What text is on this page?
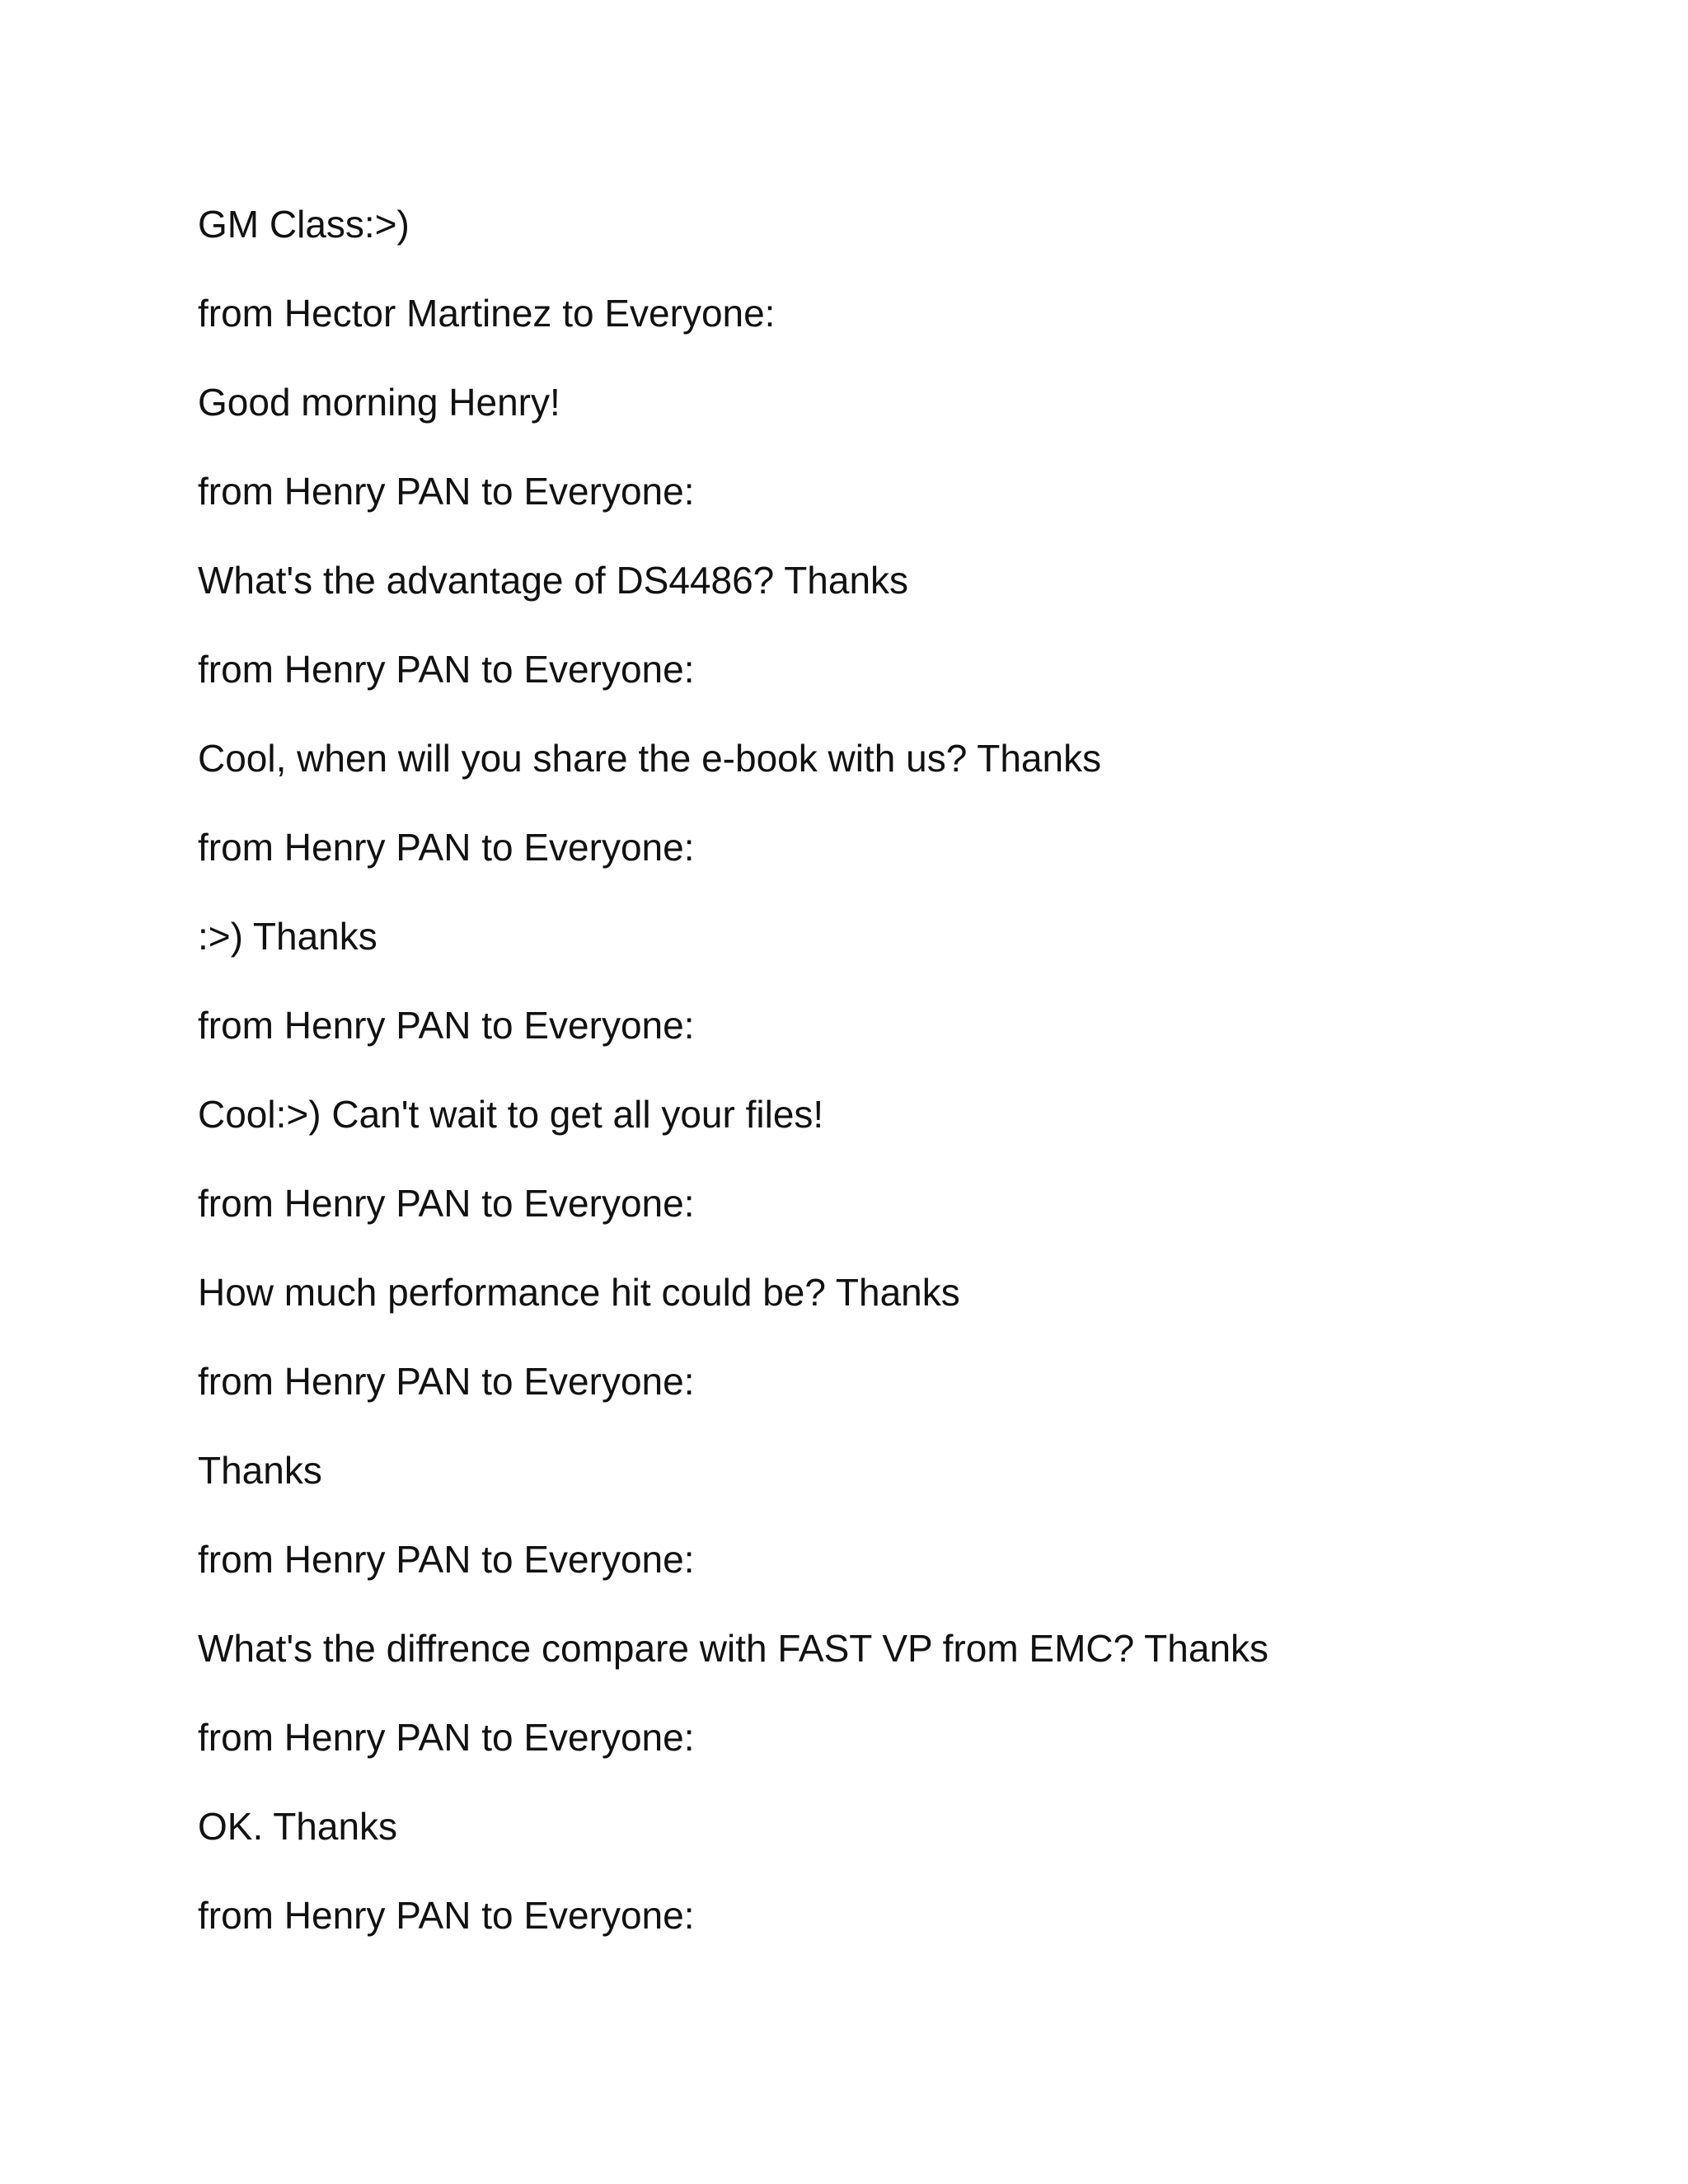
GM Class:>)
from Hector Martinez to Everyone:
Good morning Henry!
from Henry PAN to Everyone:
What's the advantage of DS4486? Thanks
from Henry PAN to Everyone:
Cool, when will you share the e-book with us? Thanks
from Henry PAN to Everyone:
:>) Thanks
from Henry PAN to Everyone:
Cool:>) Can't wait to get all your files!
from Henry PAN to Everyone:
How much performance hit could be? Thanks
from Henry PAN to Everyone:
Thanks
from Henry PAN to Everyone:
What's the diffrence compare with FAST VP from EMC? Thanks
from Henry PAN to Everyone:
OK. Thanks
from Henry PAN to Everyone:
